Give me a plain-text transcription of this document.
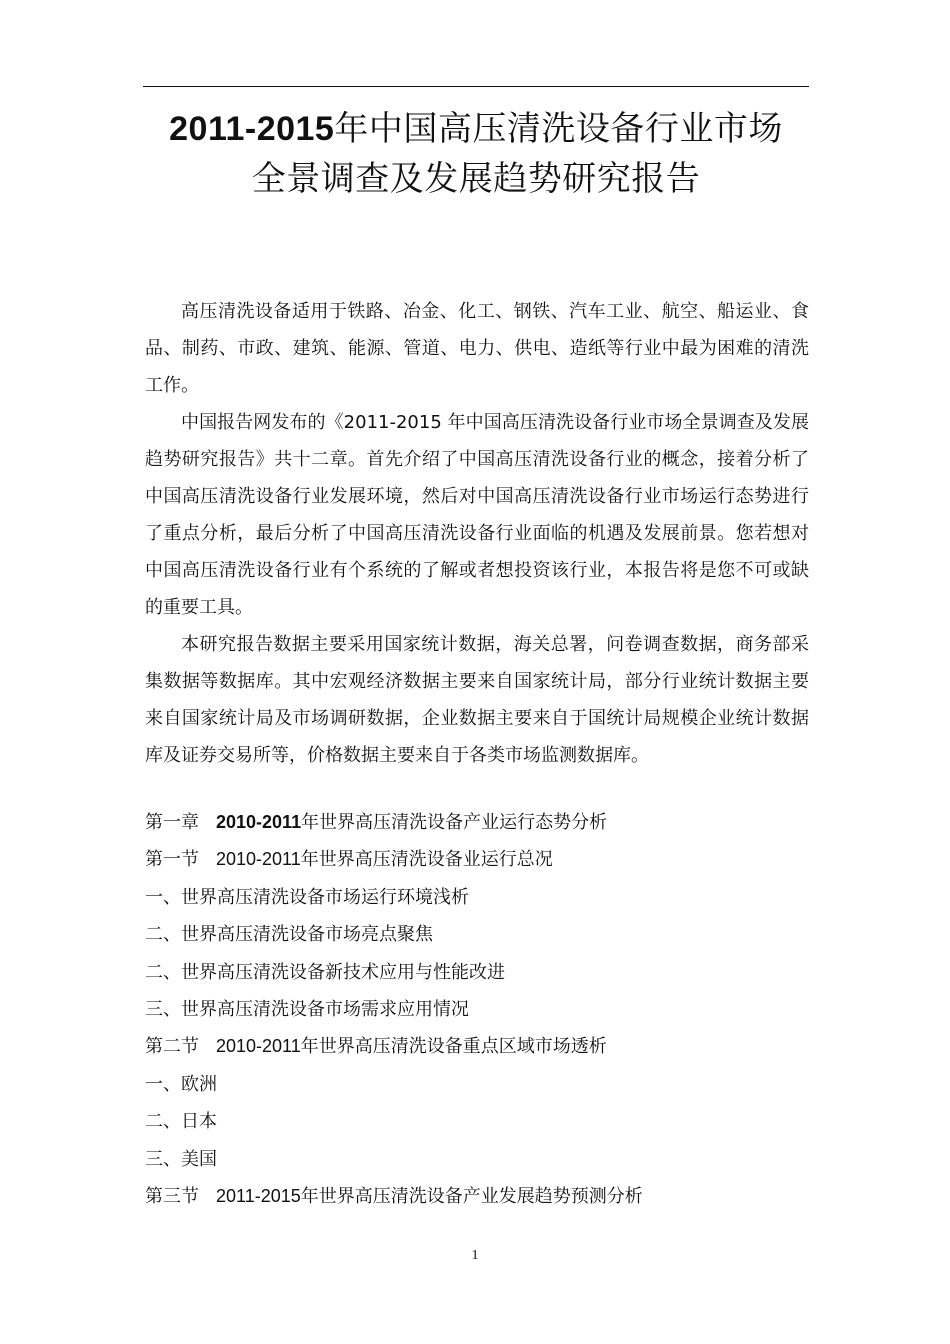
2011-2015年中国高压清洗设备行业市场
全景调查及发展趋势研究报告

高压清洗设备适用于铁路、冶金、化工、钢铁、汽车工业、航空、船运业、食品、制药、市政、建筑、能源、管道、电力、供电、造纸等行业中最为困难的清洗工作。

中国报告网发布的《2011-2015 年中国高压清洗设备行业市场全景调查及发展趋势研究报告》共十二章。首先介绍了中国高压清洗设备行业的概念，接着分析了中国高压清洗设备行业发展环境，然后对中国高压清洗设备行业市场运行态势进行了重点分析，最后分析了中国高压清洗设备行业面临的机遇及发展前景。您若想对中国高压清洗设备行业有个系统的了解或者想投资该行业，本报告将是您不可或缺的重要工具。

本研究报告数据主要采用国家统计数据，海关总署，问卷调查数据，商务部采集数据等数据库。其中宏观经济数据主要来自国家统计局，部分行业统计数据主要来自国家统计局及市场调研数据，企业数据主要来自于国统计局规模企业统计数据库及证券交易所等，价格数据主要来自于各类市场监测数据库。

第一章 2010-2011年世界高压清洗设备产业运行态势分析
第一节 2010-2011年世界高压清洗设备业运行总况
一、世界高压清洗设备市场运行环境浅析
二、世界高压清洗设备市场亮点聚焦
二、世界高压清洗设备新技术应用与性能改进
三、世界高压清洗设备市场需求应用情况
第二节 2010-2011年世界高压清洗设备重点区域市场透析
一、欧洲
二、日本
三、美国
第三节 2011-2015年世界高压清洗设备产业发展趋势预测分析
1
